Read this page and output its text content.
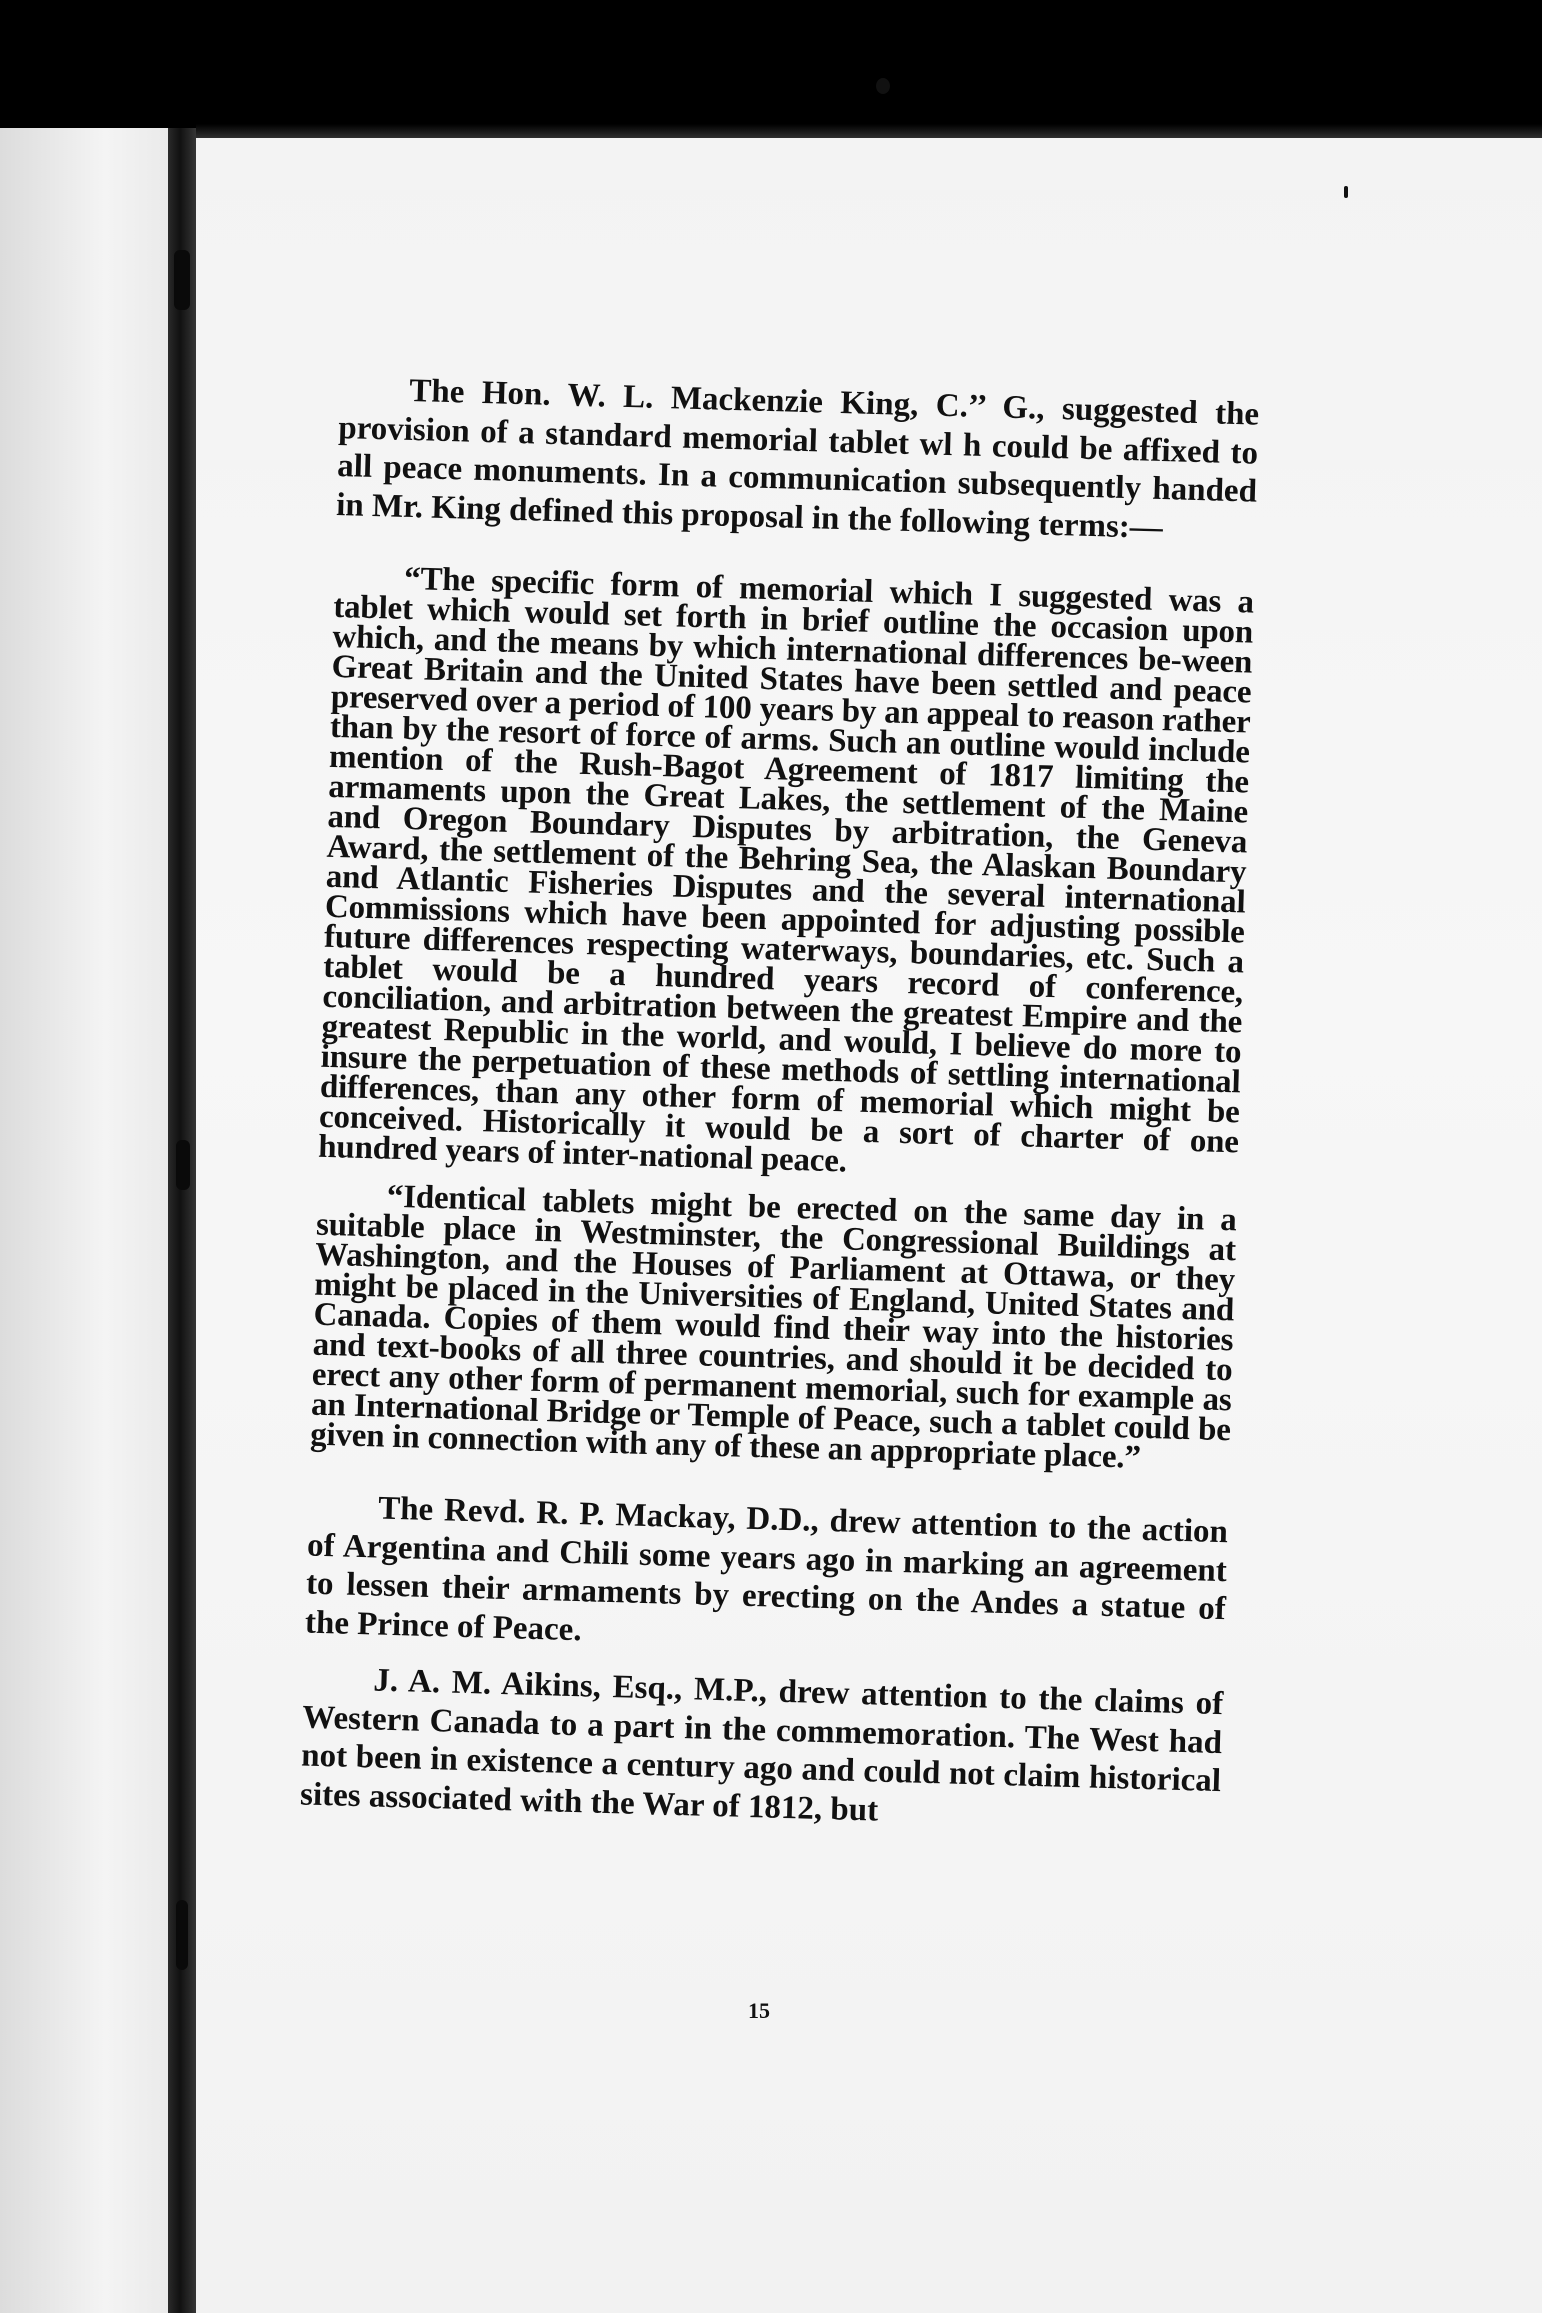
The Hon. W. L. Mackenzie King, C.’’ G., suggested the provision of a standard memorial tablet wl h could be affixed to all peace monuments. In a communication subsequently handed in Mr. King defined this proposal in the following terms:—

“The specific form of memorial which I suggested was a tablet which would set forth in brief outline the occasion upon which, and the means by which international differences be-ween Great Britain and the United States have been settled and peace preserved over a period of 100 years by an appeal to reason rather than by the resort of force of arms. Such an outline would include mention of the Rush-Bagot Agreement of 1817 limiting the armaments upon the Great Lakes, the settlement of the Maine and Oregon Boundary Disputes by arbitration, the Geneva Award, the settlement of the Behring Sea, the Alaskan Boundary and Atlantic Fisheries Disputes and the several international Commissions which have been appointed for adjusting possible future differences respecting waterways, boundaries, etc. Such a tablet would be a hundred years record of conference, conciliation, and arbitration between the greatest Empire and the greatest Republic in the world, and would, I believe do more to insure the perpetuation of these methods of settling international differences, than any other form of memorial which might be conceived. Historically it would be a sort of charter of one hundred years of inter-national peace.

“Identical tablets might be erected on the same day in a suitable place in Westminster, the Congressional Buildings at Washington, and the Houses of Parliament at Ottawa, or they might be placed in the Universities of England, United States and Canada. Copies of them would find their way into the histories and text-books of all three countries, and should it be decided to erect any other form of permanent memorial, such for example as an International Bridge or Temple of Peace, such a tablet could be given in connection with any of these an appropriate place.”

The Revd. R. P. Mackay, D.D., drew attention to the action of Argentina and Chili some years ago in marking an agreement to lessen their armaments by erecting on the Andes a statue of the Prince of Peace.

J. A. M. Aikins, Esq., M.P., drew attention to the claims of Western Canada to a part in the commemoration. The West had not been in existence a century ago and could not claim historical sites associated with the War of 1812, but

15
